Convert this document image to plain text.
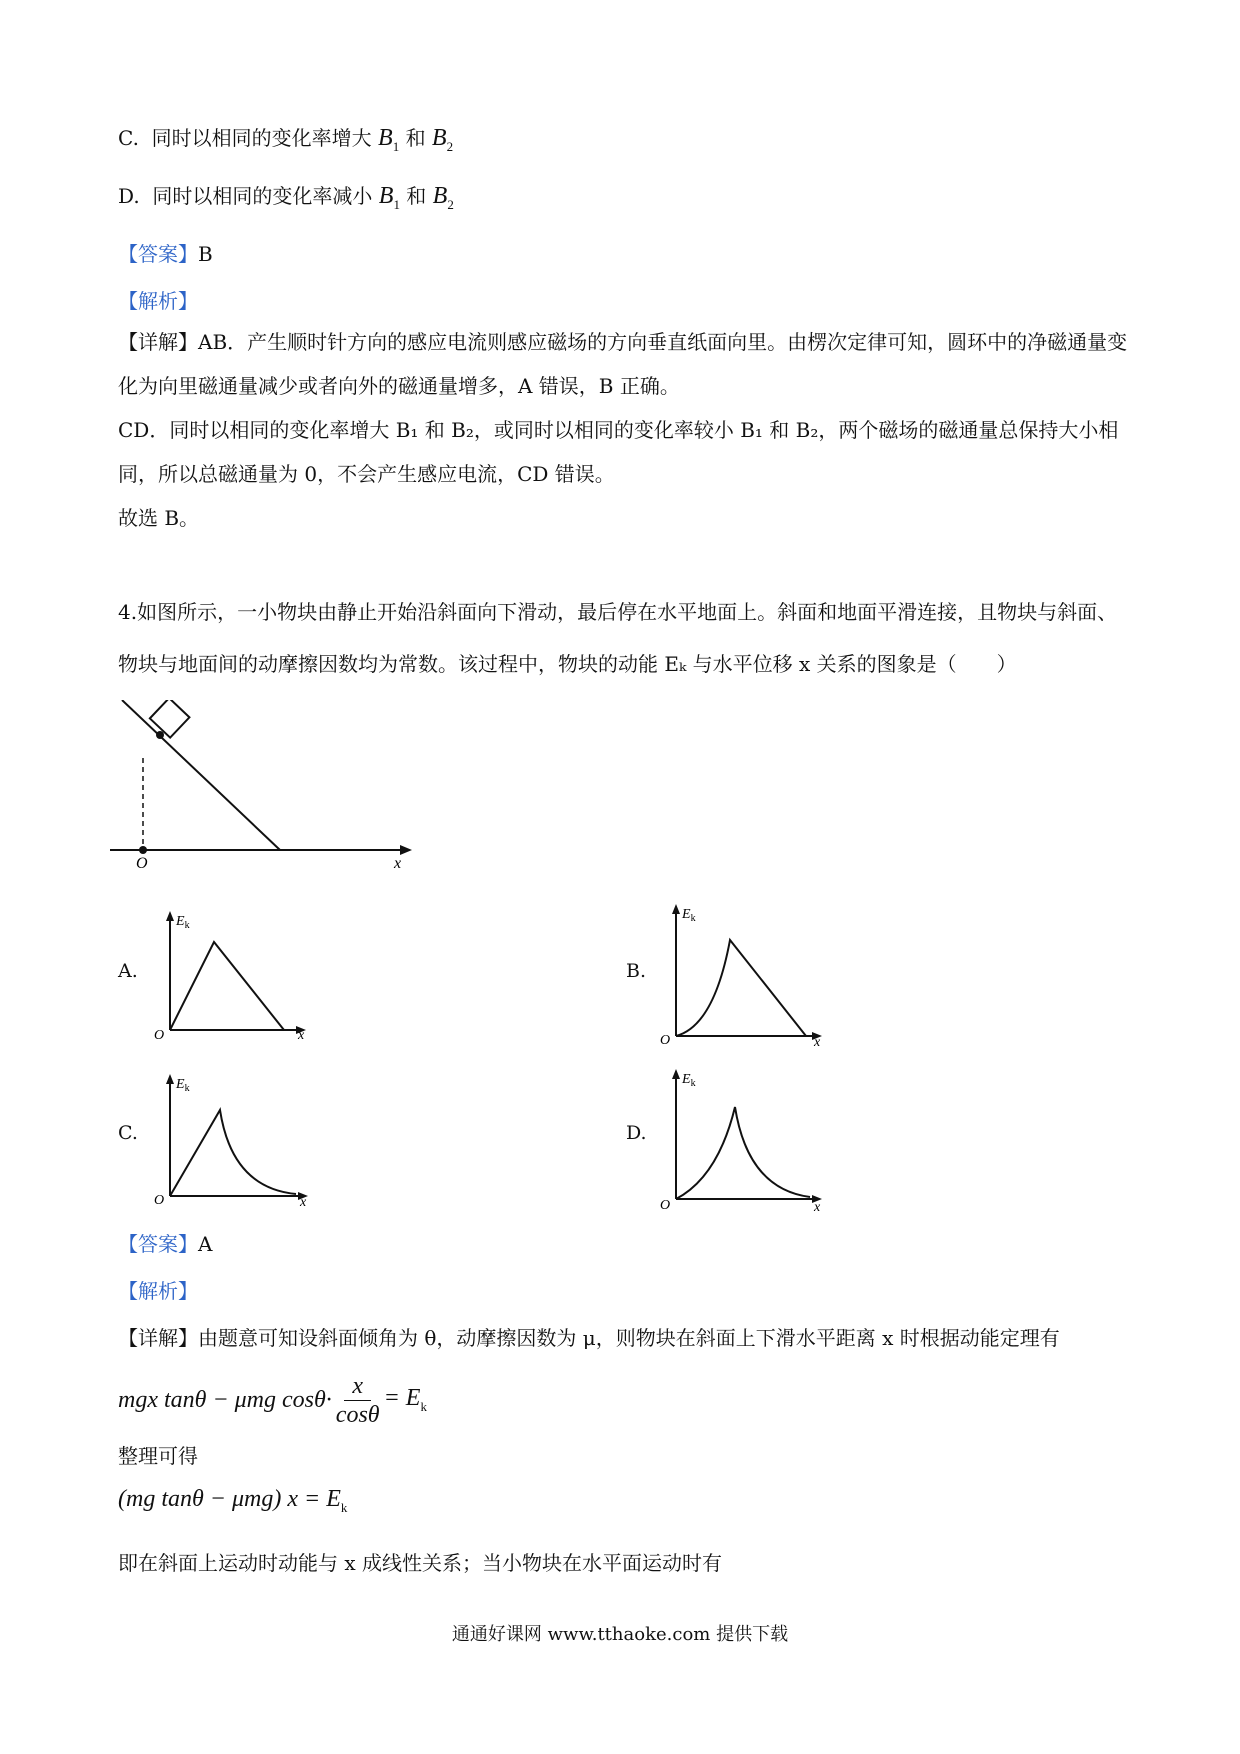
C. 同时以相同的变化率增大 $B_1$ 和 $B_2$
D. 同时以相同的变化率减小 $B_1$ 和 $B_2$
【答案】B
【解析】
【详解】AB．产生顺时针方向的感应电流则感应磁场的方向垂直纸面向里。由楞次定律可知，圆环中的净磁通量变化为向里磁通量减少或者向外的磁通量增多，A 错误，B 正确。
CD．同时以相同的变化率增大 B₁ 和 B₂，或同时以相同的变化率较小 B₁ 和 B₂，两个磁场的磁通量总保持大小相同，所以总磁通量为 0，不会产生感应电流，CD 错误。
故选 B。
4.如图所示，一小物块由静止开始沿斜面向下滑动，最后停在水平地面上。斜面和地面平滑连接，且物块与斜面、物块与地面间的动摩擦因数均为常数。该过程中，物块的动能 Eₖ 与水平位移 x 关系的图象是（　　）
O	x
A.	B.
C.	D.
$E_k$
O	x
$E_k$
O	x
$E_k$
O	x
$E_k$
O	x
【答案】A
【解析】
【详解】由题意可知设斜面倾角为 θ，动摩擦因数为 μ，则物块在斜面上下滑水平距离 x 时根据动能定理有
mgx tanθ − μmg $\cos\theta\cdot \frac{x}{\cos\theta} = E_k$
整理可得
(mg tanθ − μmg) $x = E_k$
即在斜面上运动时动能与 x 成线性关系；当小物块在水平面运动时有
通通好课网 www.tthaoke.com 提供下载
